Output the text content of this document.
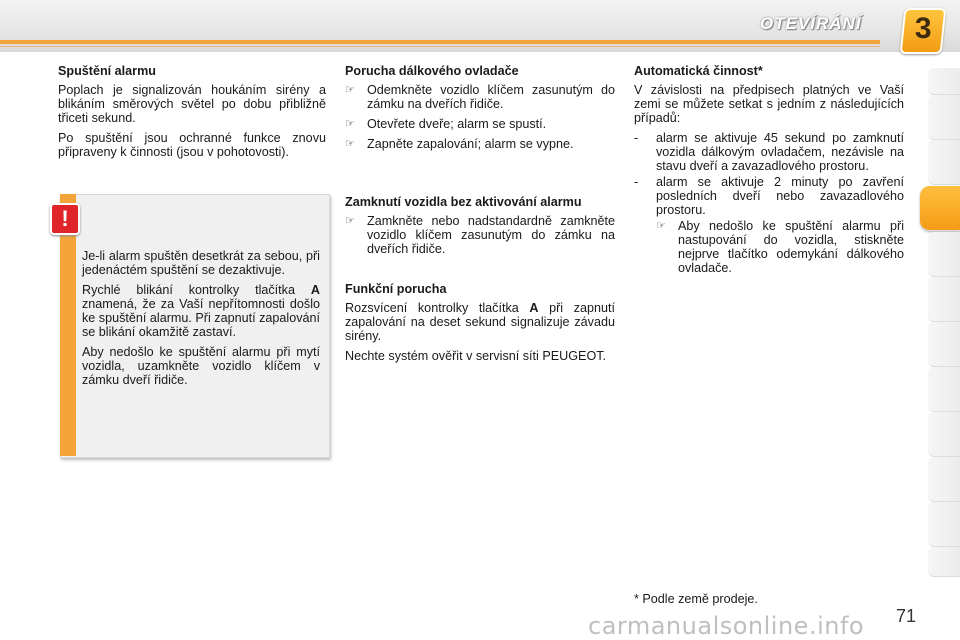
OTEVÍRÁNÍ	3
Spuštění alarmu

Poplach je signalizován houkáním sirény a blikáním směrových světel po dobu přibližně třiceti sekund.

Po spuštění jsou ochranné funkce znovu připraveny k činnosti (jsou v pohotovosti).

!

Je-li alarm spuštěn desetkrát za sebou, při jedenáctém spuštění se dezaktivuje.

Rychlé blikání kontrolky tlačítka A znamená, že za Vaší nepřítomnosti došlo ke spuštění alarmu. Při zapnutí zapalování se blikání okamžitě zastaví.

Aby nedošlo ke spuštění alarmu při mytí vozidla, uzamkněte vozidlo klíčem v zámku dveří řidiče.

Porucha dálkového ovladače
☞ Odemkněte vozidlo klíčem zasunutým do zámku na dveřích řidiče.
☞ Otevřete dveře; alarm se spustí.
☞ Zapněte zapalování; alarm se vypne.
Zamknutí vozidla bez aktivování alarmu
☞ Zamkněte nebo nadstandardně zamkněte vozidlo klíčem zasunutým do zámku na dveřích řidiče.
Funkční porucha

Rozsvícení kontrolky tlačítka A při zapnutí zapalování na deset sekund signalizuje závadu sirény.

Nechte systém ověřit v servisní síti PEUGEOT.

Automatická činnost*

V závislosti na předpisech platných ve Vaší zemi se můžete setkat s jedním z následujících případů:

-	alarm se aktivuje 45 sekund po zamknutí vozidla dálkovým ovladačem, nezávisle na stavu dveří a zavazadlového prostoru.
-	alarm se aktivuje 2 minuty po zavření posledních dveří nebo zavazadlového prostoru.
☞ Aby nedošlo ke spuštění alarmu při nastupování do vozidla, stiskněte nejprve tlačítko odemykání dálkového ovladače.
* Podle země prodeje.
carmanualsonline.info 71
